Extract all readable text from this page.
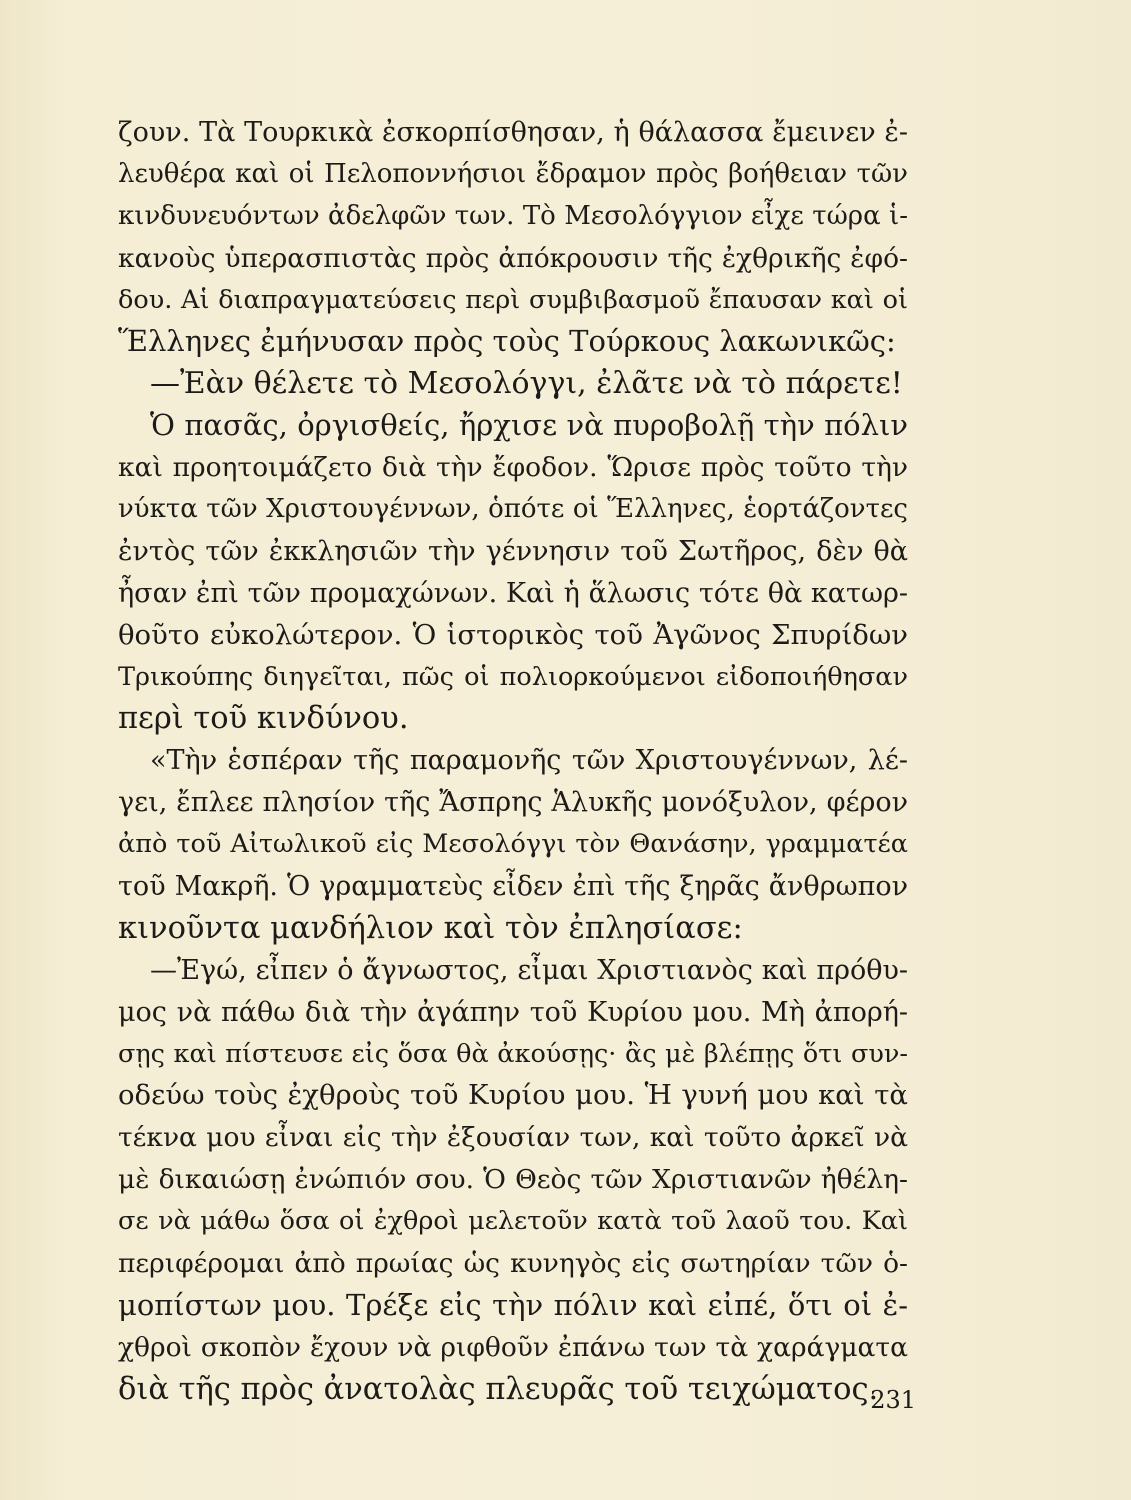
ζουν. Τὰ Τουρκικὰ ἐσκορπίσθησαν, ἡ θάλασσα ἔμεινεν ἐ-
λευθέρα καὶ οἱ Πελοποννήσιοι ἔδραμον πρὸς βοήθειαν τῶν
κινδυνευόντων ἀδελφῶν των. Τὸ Μεσολόγγιον εἶχε τώρα ἱ-
κανοὺς ὑπερασπιστὰς πρὸς ἀπόκρουσιν τῆς ἐχθρικῆς ἐφό-
δου. Αἱ διαπραγματεύσεις περὶ συμβιβασμοῦ ἔπαυσαν καὶ οἱ
Ἕλληνες ἐμήνυσαν πρὸς τοὺς Τούρκους λακωνικῶς:
—Ἐὰν θέλετε τὸ Μεσολόγγι, ἐλᾶτε νὰ τὸ πάρετε!
Ὁ πασᾶς, ὀργισθείς, ἤρχισε νὰ πυροβολῇ τὴν πόλιν
καὶ προητοιμάζετο διὰ τὴν ἔφοδον. Ὥρισε πρὸς τοῦτο τὴν
νύκτα τῶν Χριστουγέννων, ὁπότε οἱ Ἕλληνες, ἑορτάζοντες
ἐντὸς τῶν ἐκκλησιῶν τὴν γέννησιν τοῦ Σωτῆρος, δὲν θὰ
ἦσαν ἐπὶ τῶν προμαχώνων. Καὶ ἡ ἅλωσις τότε θὰ κατωρ-
θοῦτο εὐκολώτερον. Ὁ ἱστορικὸς τοῦ Ἀγῶνος Σπυρίδων
Τρικούπης διηγεῖται, πῶς οἱ πολιορκούμενοι εἰδοποιήθησαν
περὶ τοῦ κινδύνου.
«Τὴν ἑσπέραν τῆς παραμονῆς τῶν Χριστουγέννων, λέ-
γει, ἔπλεε πλησίον τῆς Ἄσπρης Ἁλυκῆς μονόξυλον, φέρον
ἀπὸ τοῦ Αἰτωλικοῦ εἰς Μεσολόγγι τὸν Θανάσην, γραμματέα
τοῦ Μακρῆ. Ὁ γραμματεὺς εἶδεν ἐπὶ τῆς ξηρᾶς ἄνθρωπον
κινοῦντα μανδήλιον καὶ τὸν ἐπλησίασε:
—Ἐγώ, εἶπεν ὁ ἄγνωστος, εἶμαι Χριστιανὸς καὶ πρόθυ-
μος νὰ πάθω διὰ τὴν ἀγάπην τοῦ Κυρίου μου. Μὴ ἀπορή-
σῃς καὶ πίστευσε εἰς ὅσα θὰ ἀκούσῃς· ἂς μὲ βλέπῃς ὅτι συν-
οδεύω τοὺς ἐχθροὺς τοῦ Κυρίου μου. Ἡ γυνή μου καὶ τὰ
τέκνα μου εἶναι εἰς τὴν ἐξουσίαν των, καὶ τοῦτο ἀρκεῖ νὰ
μὲ δικαιώσῃ ἐνώπιόν σου. Ὁ Θεὸς τῶν Χριστιανῶν ἠθέλη-
σε νὰ μάθω ὅσα οἱ ἐχθροὶ μελετοῦν κατὰ τοῦ λαοῦ του. Καὶ
περιφέρομαι ἀπὸ πρωίας ὡς κυνηγὸς εἰς σωτηρίαν τῶν ὁ-
μοπίστων μου. Τρέξε εἰς τὴν πόλιν καὶ εἰπέ, ὅτι οἱ ἐ-
χθροὶ σκοπὸν ἔχουν νὰ ριφθοῦν ἐπάνω των τὰ χαράγματα
διὰ τῆς πρὸς ἀνατολὰς πλευρᾶς τοῦ τειχώματος.
231
